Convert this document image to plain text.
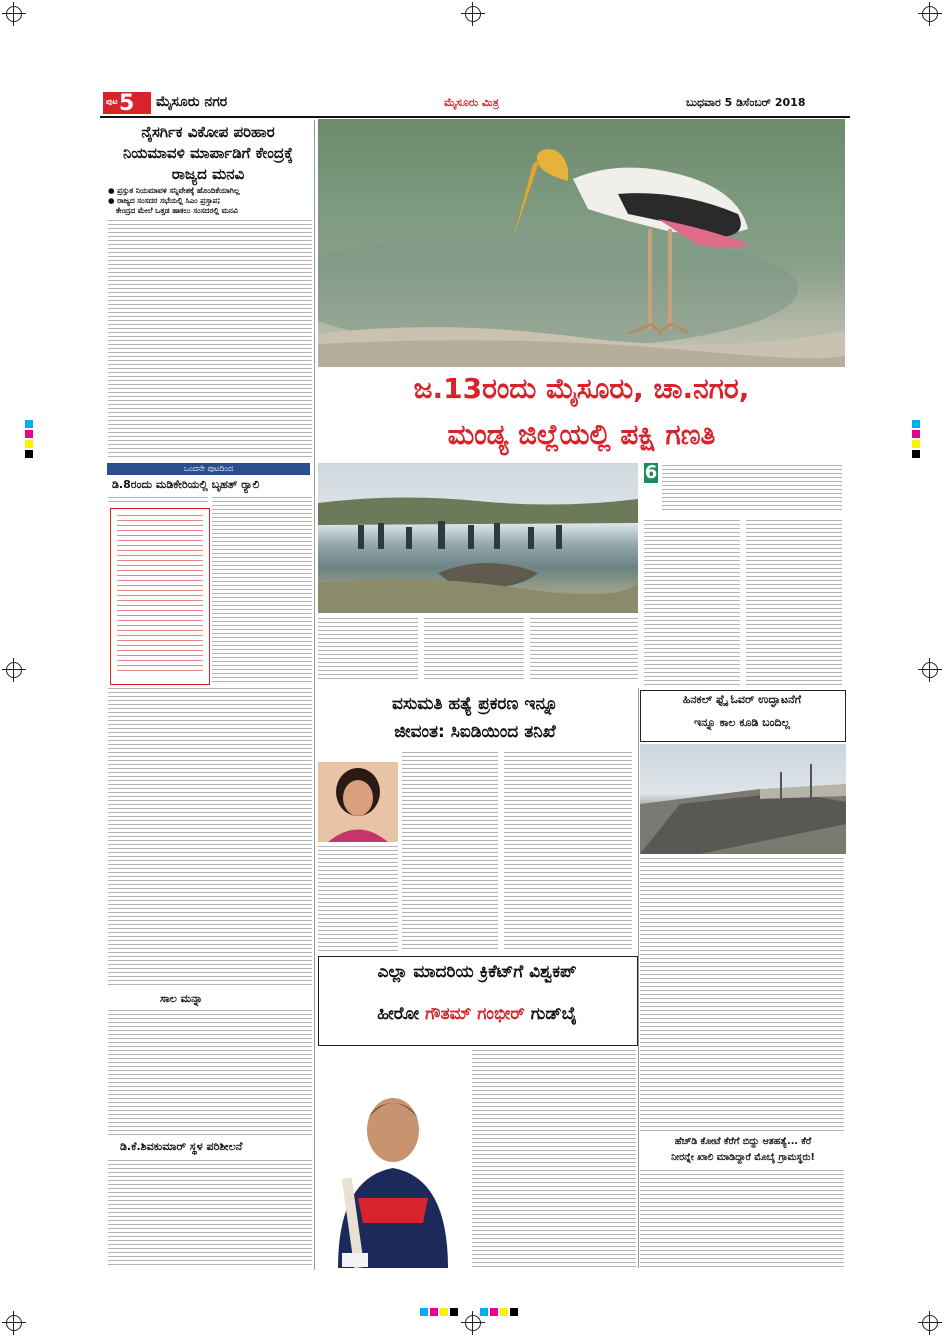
ಪುಟ 5 ಮೈಸೂರು ನಗರ	ಮೈಸೂರು ಮಿತ್ರ	ಬುಧವಾರ 5 ಡಿಸೆಂಬರ್ 2018
ನೈಸರ್ಗಿಕ ವಿಕೋಪ ಪರಿಹಾರ ನಿಯಮಾವಳಿ ಮಾರ್ಪಾಡಿಗೆ ಕೇಂದ್ರಕ್ಕೆ ರಾಜ್ಯದ ಮನವಿ
● ಪ್ರಸ್ತುತ ನಿಯಮಾವಳಿ ಸನ್ನಿವೇಶಕ್ಕೆ ಹೊಂದಿಕೆಯಾಗಿಲ್ಲ
● ರಾಜ್ಯದ ಸಂಸದರ ಸಭೆಯಲ್ಲಿ ಸಿಎಂ ಪ್ರಸ್ತಾಪ;
ಕೇಂದ್ರದ ಮೇಲೆ ಒತ್ತಡ ಹಾಕಲು ಸಂಸದರಲ್ಲಿ ಮನವಿ
ಒಂದನೇ ಪುಟದಿಂದ
ಡಿ.8ರಂದು ಮಡಿಕೇರಿಯಲ್ಲಿ ಬೃಹತ್ ರ‍್ಯಾಲಿ
ಸಾಲ ಮನ್ನಾ
ಡಿ.ಕೆ.ಶಿವಕುಮಾರ್ ಸ್ಥಳ ಪರಿಶೀಲನೆ
ಜ.13ರಂದು ಮೈಸೂರು, ಚಾ.ನಗರ,
ಮಂಡ್ಯ ಜಿಲ್ಲೆಯಲ್ಲಿ ಪಕ್ಷಿ ಗಣತಿ
6
ವಸುಮತಿ ಹತ್ಯೆ ಪ್ರಕರಣ ಇನ್ನೂ
ಜೀವಂತ: ಸಿಐಡಿಯಿಂದ ತನಿಖೆ
ಹಿನಕಲ್ ಫ್ಲೈ ಓವರ್ ಉದ್ಘಾಟನೆಗೆ
ಇನ್ನೂ ಕಾಲ ಕೂಡಿ ಬಂದಿಲ್ಲ
ಎಲ್ಲಾ ಮಾದರಿಯ ಕ್ರಿಕೆಟ್‌ಗೆ ವಿಶ್ವಕಪ್
ಹೀರೋ ಗೌತಮ್ ಗಂಭೀರ್ ಗುಡ್‌ಬೈ
ಹೆಚ್‌ಡಿ ಕೋಟೆ ಕೆರೆಗೆ ಬಿದ್ದು ಆತಹತ್ಯೆ... ಕೆರೆ
ನೀರನ್ನೇ ಖಾಲಿ ಮಾಡಿದ್ದಾರೆ ಮೊಬೈ ಗ್ರಾಮಸ್ಥರು!
